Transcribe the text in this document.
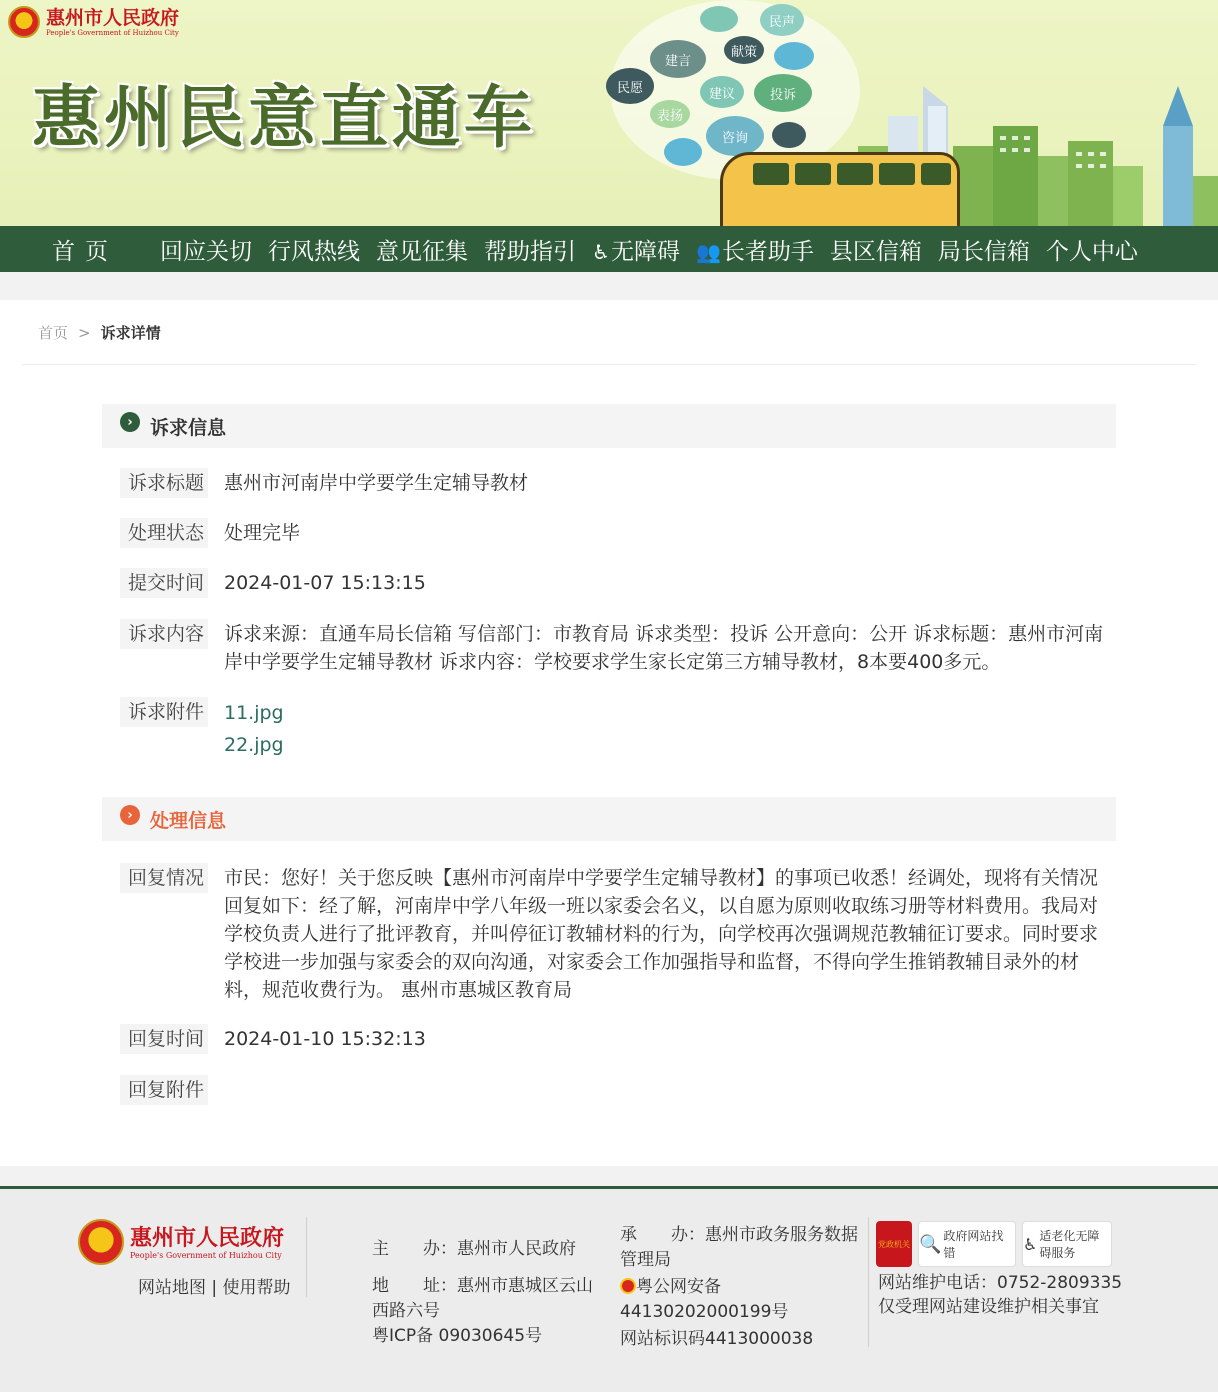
惠州市人民政府
People's Government of Huizhou City
惠州民意直通车
民声
建言
献策
民愿	建议	投诉
表扬
咨询
首页 回应关切 行风热线 意见征集 帮助指引 ♿无障碍 👥长者助手 县区信箱 局长信箱 个人中心
首页 > 诉求详情
› 诉求信息
诉求标题	惠州市河南岸中学要学生定辅导教材
处理状态	处理完毕
提交时间	2024-01-07 15:13:15
诉求内容	诉求来源：直通车局长信箱 写信部门：市教育局 诉求类型：投诉 公开意向：公开 诉求标题：惠州市河南岸中学要学生定辅导教材 诉求内容：学校要求学生家长定第三方辅导教材，8本要400多元。
诉求附件 11.jpg
22.jpg
› 处理信息
回复情况	市民：您好！关于您反映【惠州市河南岸中学要学生定辅导教材】的事项已收悉！经调处，现将有关情况回复如下：经了解，河南岸中学八年级一班以家委会名义，以自愿为原则收取练习册等材料费用。我局对学校负责人进行了批评教育，并叫停征订教辅材料的行为，向学校再次强调规范教辅征订要求。同时要求学校进一步加强与家委会的双向沟通，对家委会工作加强指导和监督，不得向学生推销教辅目录外的材料，规范收费行为。 惠州市惠城区教育局
回复时间	2024-01-10 15:32:13
回复附件
惠州市人民政府
People's Government of Huizhou City
网站地图 | 使用帮助
主　　办：惠州市人民政府
地　　址：惠州市惠城区云山西路六号
粤ICP备 09030645号
承　　办：惠州市政务服务数据管理局
粤公网安备 44130202000199号
网站标识码4413000038
党政机关 🔍 政府网站找错	♿ 适老化无障碍服务
网站维护电话：0752-2809335
仅受理网站建设维护相关事宜
